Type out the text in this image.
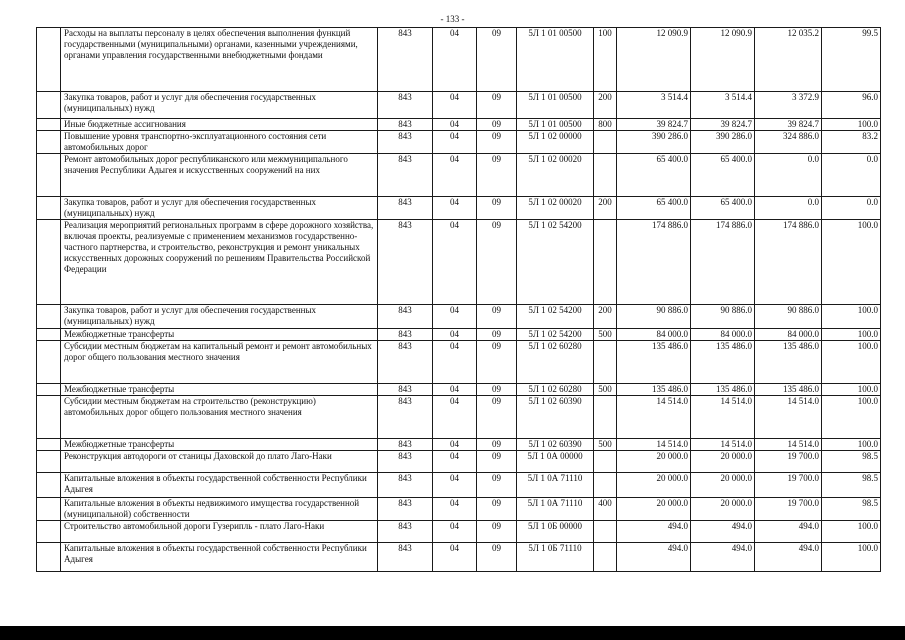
- 133 -
	Расходы на выплаты персоналу в целях обеспечения выполнения функций государственными (муниципальными) органами, казенными учреждениями, органами управления государственными внебюджетными фондами	843	04	09	5Л 1 01 00500	100	12 090.9	12 090.9	12 035.2	99.5
	Закупка товаров, работ и услуг для обеспечения государственных (муниципальных) нужд	843	04	09	5Л 1 01 00500	200	3 514.4	3 514.4	3 372.9	96.0
	Иные бюджетные ассигнования	843	04	09	5Л 1 01 00500	800	39 824.7	39 824.7	39 824.7	100.0
	Повышение уровня транспортно-эксплуатационного состояния сети автомобильных дорог	843	04	09	5Л 1 02 00000		390 286.0	390 286.0	324 886.0	83.2
	Ремонт автомобильных дорог республиканского или межмуниципального значения Республики Адыгея и искусственных сооружений на них	843	04	09	5Л 1 02 00020		65 400.0	65 400.0	0.0	0.0
	Закупка товаров, работ и услуг для обеспечения государственных (муниципальных) нужд	843	04	09	5Л 1 02 00020	200	65 400.0	65 400.0	0.0	0.0
	Реализация мероприятий региональных программ в сфере дорожного хозяйства, включая проекты, реализуемые с применением механизмов государственно-частного партнерства, и строительство, реконструкция и ремонт уникальных искусственных дорожных сооружений по решениям Правительства Российской Федерации	843	04	09	5Л 1 02 54200		174 886.0	174 886.0	174 886.0	100.0
	Закупка товаров, работ и услуг для обеспечения государственных (муниципальных) нужд	843	04	09	5Л 1 02 54200	200	90 886.0	90 886.0	90 886.0	100.0
	Межбюджетные трансферты	843	04	09	5Л 1 02 54200	500	84 000.0	84 000.0	84 000.0	100.0
	Субсидии местным бюджетам на капитальный ремонт и ремонт автомобильных дорог общего пользования местного значения	843	04	09	5Л 1 02 60280		135 486.0	135 486.0	135 486.0	100.0
	Межбюджетные трансферты	843	04	09	5Л 1 02 60280	500	135 486.0	135 486.0	135 486.0	100.0
	Субсидии местным бюджетам на строительство (реконструкцию) автомобильных дорог общего пользования местного значения	843	04	09	5Л 1 02 60390		14 514.0	14 514.0	14 514.0	100.0
	Межбюджетные трансферты	843	04	09	5Л 1 02 60390	500	14 514.0	14 514.0	14 514.0	100.0
	Реконструкция автодороги от станицы Даховской до плато Лаго-Наки	843	04	09	5Л 1 0А 00000		20 000.0	20 000.0	19 700.0	98.5
	Капитальные вложения в объекты государственной собственности Республики Адыгея	843	04	09	5Л 1 0А 71110		20 000.0	20 000.0	19 700.0	98.5
	Капитальные вложения в объекты недвижимого имущества государственной (муниципальной) собственности	843	04	09	5Л 1 0А 71110	400	20 000.0	20 000.0	19 700.0	98.5
	Строительство автомобильной дороги Гузерипль - плато Лаго-Наки	843	04	09	5Л 1 0Б 00000		494.0	494.0	494.0	100.0
	Капитальные вложения в объекты государственной собственности Республики Адыгея	843	04	09	5Л 1 0Б 71110		494.0	494.0	494.0	100.0
